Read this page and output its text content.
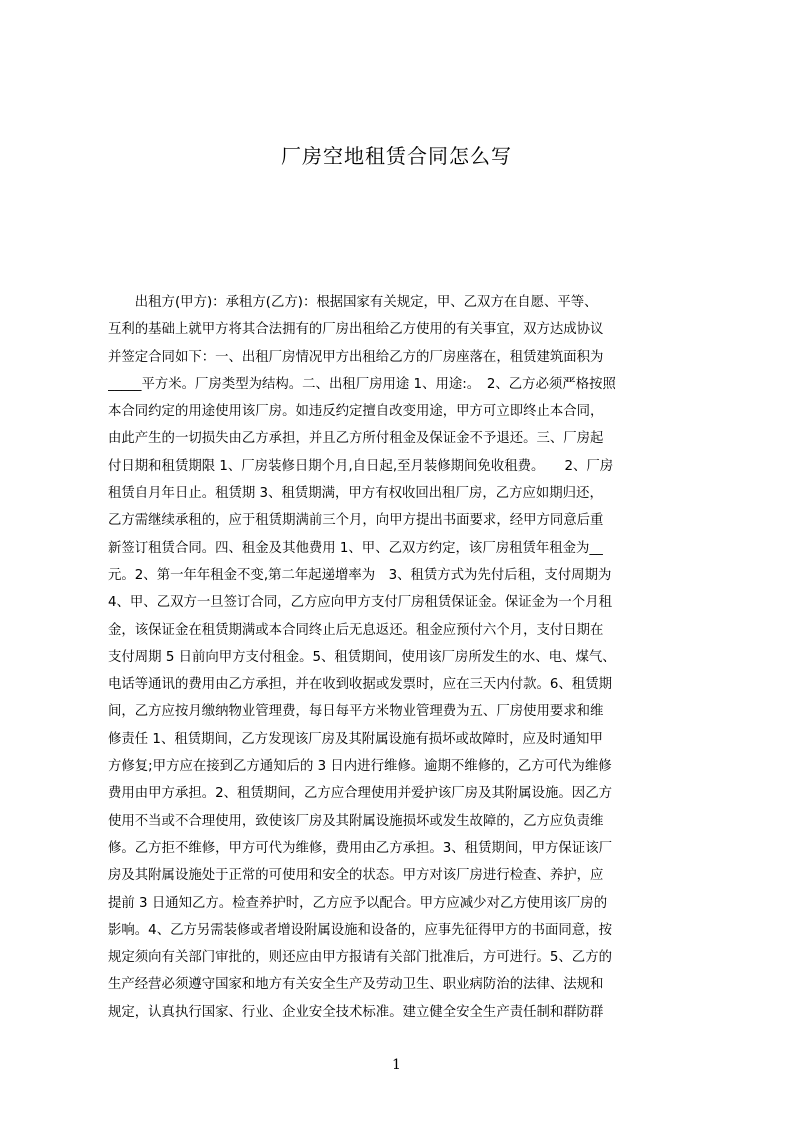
厂房空地租赁合同怎么写
　　出租方(甲方)：承租方(乙方)：根据国家有关规定，甲、乙双方在自愿、平等、
互利的基础上就甲方将其合法拥有的厂房出租给乙方使用的有关事宜，双方达成协议
并签定合同如下：一、出租厂房情况甲方出租给乙方的厂房座落在，租赁建筑面积为
_____平方米。厂房类型为结构。二、出租厂房用途 1、用途:。　2、乙方必须严格按照
本合同约定的用途使用该厂房。如违反约定擅自改变用途，甲方可立即终止本合同，
由此产生的一切损失由乙方承担，并且乙方所付租金及保证金不予退还。三、厂房起
付日期和租赁期限 1、厂房装修日期个月,自日起,至月装修期间免收租费。　　2、厂房
租赁自月年日止。租赁期 3、租赁期满，甲方有权收回出租厂房，乙方应如期归还，
乙方需继续承租的，应于租赁期满前三个月，向甲方提出书面要求，经甲方同意后重
新签订租赁合同。四、租金及其他费用 1、甲、乙双方约定，该厂房租赁年租金为__
元。2、第一年年租金不变,第二年起递增率为　3、租赁方式为先付后租，支付周期为
4、甲、乙双方一旦签订合同，乙方应向甲方支付厂房租赁保证金。保证金为一个月租
金，该保证金在租赁期满或本合同终止后无息返还。租金应预付六个月，支付日期在
支付周期 5 日前向甲方支付租金。5、租赁期间，使用该厂房所发生的水、电、煤气、
电话等通讯的费用由乙方承担，并在收到收据或发票时，应在三天内付款。6、租赁期
间，乙方应按月缴纳物业管理费，每日每平方米物业管理费为五、厂房使用要求和维
修责任 1、租赁期间，乙方发现该厂房及其附属设施有损坏或故障时，应及时通知甲
方修复;甲方应在接到乙方通知后的 3 日内进行维修。逾期不维修的，乙方可代为维修
费用由甲方承担。2、租赁期间，乙方应合理使用并爱护该厂房及其附属设施。因乙方
使用不当或不合理使用，致使该厂房及其附属设施损坏或发生故障的，乙方应负责维
修。乙方拒不维修，甲方可代为维修，费用由乙方承担。3、租赁期间，甲方保证该厂
房及其附属设施处于正常的可使用和安全的状态。甲方对该厂房进行检查、养护，应
提前 3 日通知乙方。检查养护时，乙方应予以配合。甲方应减少对乙方使用该厂房的
影响。4、乙方另需装修或者增设附属设施和设备的，应事先征得甲方的书面同意，按
规定须向有关部门审批的，则还应由甲方报请有关部门批准后，方可进行。5、乙方的
生产经营必须遵守国家和地方有关安全生产及劳动卫生、职业病防治的法律、法规和
规定，认真执行国家、行业、企业安全技术标准。建立健全安全生产责任制和群防群
1
